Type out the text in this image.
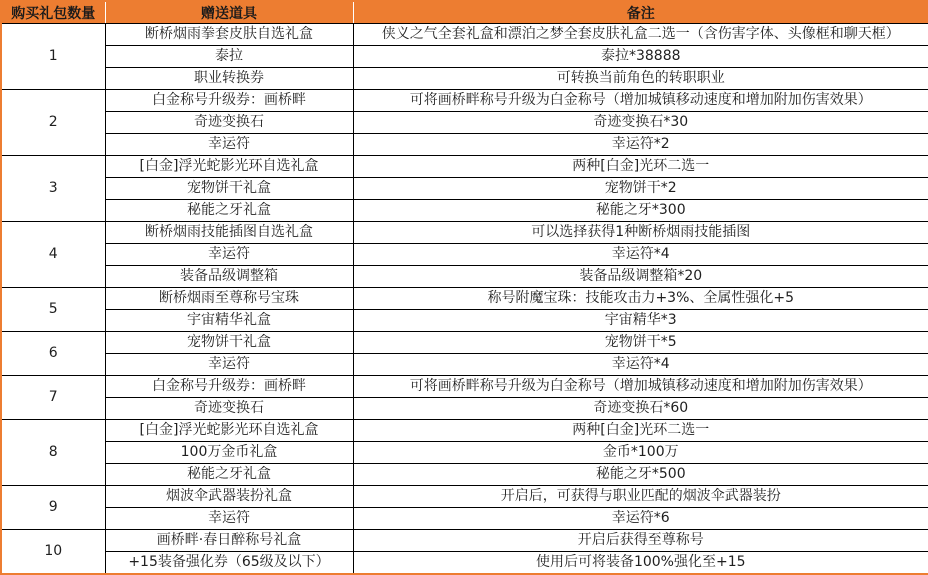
购买礼包数量	赠送道具	备注
1	断桥烟雨拳套皮肤自选礼盒	侠义之气全套礼盒和漂泊之梦全套皮肤礼盒二选一（含伤害字体、头像框和聊天框）
	泰拉	泰拉*38888
	职业转换券	可转换当前角色的转职职业
2	白金称号升级券：画桥畔	可将画桥畔称号升级为白金称号（增加城镇移动速度和增加附加伤害效果）
	奇迹变换石	奇迹变换石*30
	幸运符	幸运符*2
3	[白金]浮光蛇影光环自选礼盒	两种[白金]光环二选一
	宠物饼干礼盒	宠物饼干*2
	秘能之牙礼盒	秘能之牙*300
4	断桥烟雨技能插图自选礼盒	可以选择获得1种断桥烟雨技能插图
	幸运符	幸运符*4
	装备品级调整箱	装备品级调整箱*20
5	断桥烟雨至尊称号宝珠	称号附魔宝珠：技能攻击力+3%、全属性强化+5
	宇宙精华礼盒	宇宙精华*3
6	宠物饼干礼盒	宠物饼干*5
	幸运符	幸运符*4
7	白金称号升级券：画桥畔	可将画桥畔称号升级为白金称号（增加城镇移动速度和增加附加伤害效果）
	奇迹变换石	奇迹变换石*60
8	[白金]浮光蛇影光环自选礼盒	两种[白金]光环二选一
	100万金币礼盒	金币*100万
	秘能之牙礼盒	秘能之牙*500
9	烟波伞武器装扮礼盒	开启后，可获得与职业匹配的烟波伞武器装扮
	幸运符	幸运符*6
10	画桥畔·春日醉称号礼盒	开启后获得至尊称号
	+15装备强化券（65级及以下）	使用后可将装备100%强化至+15
